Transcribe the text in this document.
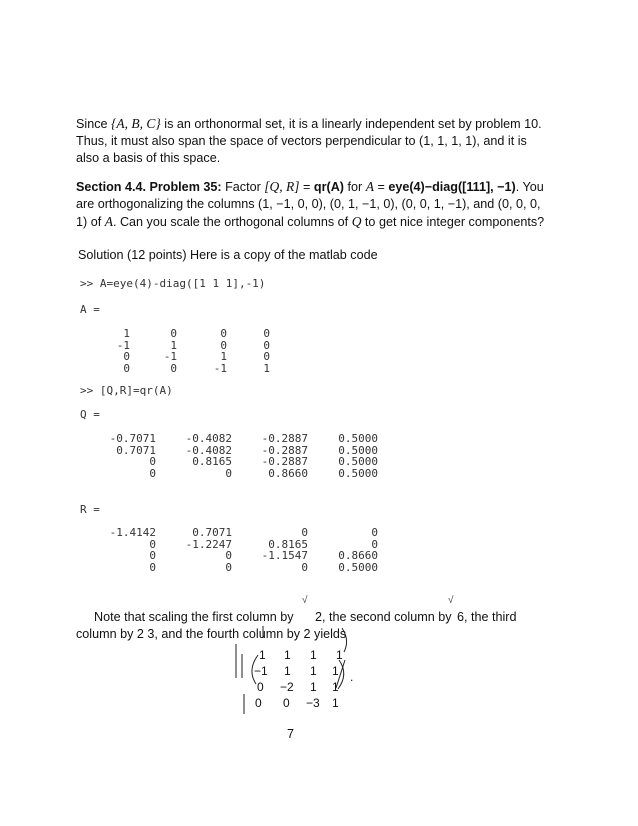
Since {A, B, C} is an orthonormal set, it is a linearly independent set by problem 10. Thus, it must also span the space of vectors perpendicular to (1, 1, 1, 1), and it is also a basis of this space.

Section 4.4. Problem 35: Factor [Q, R] = qr(A) for A = eye(4)−diag([111], −1). You are orthogonalizing the columns (1, −1, 0, 0), (0, 1, −1, 0), (0, 0, 1, −1), and (0, 0, 0, 1) of A. Can you scale the orthogonal columns of Q to get nice integer components?

Solution (12 points) Here is a copy of the matlab code

>> A=eye(4)-diag([1 1 1],-1)
A =
1
-1
0
0
0
1
-1
0
0
0
1
-1
0
0
0
1
>> [Q,R]=qr(A)
Q =
-0.7071
0.7071
0
0
-0.4082
-0.4082
0.8165
0
-0.2887
-0.2887
-0.2887
0.8660
0.5000
0.5000
0.5000
0.5000
R =
-1.4142
0
0
0
0.7071
-1.2247
0
0
0
0.8165
-1.1547
0
0
0
0.8660
0.5000
√	√
Note that scaling the first column by 2, the second column by 6, the third
column by 2 3, and the fourth column by 2 yields
1 1 1 1
−1 1 1 1
0 −2 1 1
0 0 −3 1
.
7
